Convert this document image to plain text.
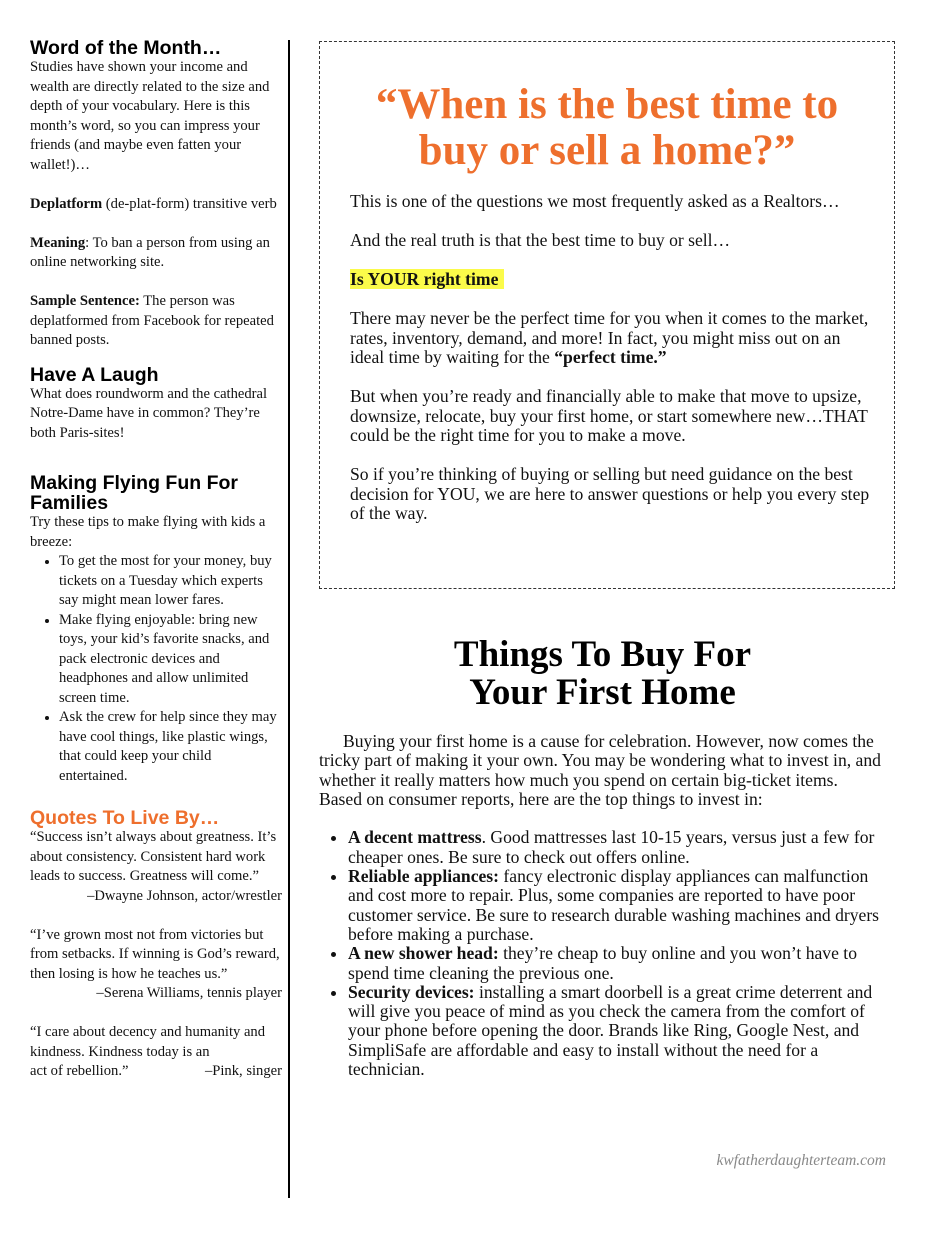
Word of the Month…

Studies have shown your income and wealth are directly related to the size and depth of your vocabulary. Here is this month’s word, so you can impress your friends (and maybe even fatten your wallet!)…

Deplatform (de-plat-form) transitive verb

Meaning: To ban a person from using an online networking site.

Sample Sentence: The person was deplatformed from Facebook for repeated banned posts.

Have A Laugh

What does roundworm and the cathedral Notre-Dame have in common? They’re both Paris-sites!

Making Flying Fun For Families

Try these tips to make flying with kids a breeze:

• To get the most for your money, buy tickets on a Tuesday which experts say might mean lower fares.
• Make flying enjoyable: bring new toys, your kid’s favorite snacks, and pack electronic devices and headphones and allow unlimited screen time.
• Ask the crew for help since they may have cool things, like plastic wings, that could keep your child entertained.
Quotes To Live By…

“Success isn’t always about greatness. It’s about consistency. Consistent hard work leads to success. Greatness will come.”

–Dwayne Johnson, actor/wrestler

“I’ve grown most not from victories but from setbacks. If winning is God’s reward, then losing is how he teaches us.”

–Serena Williams, tennis player

“I care about decency and humanity and kindness. Kindness today is an

act of rebellion.”	–Pink, singer

“When is the best time to
buy or sell a home?”

This is one of the questions we most frequently asked as a Realtors…

And the real truth is that the best time to buy or sell…

Is YOUR right time

There may never be the perfect time for you when it comes to the market, rates, inventory, demand, and more! In fact, you might miss out on an ideal time by waiting for the “perfect time.”

But when you’re ready and financially able to make that move to upsize, downsize, relocate, buy your first home, or start somewhere new…THAT could be the right time for you to make a move.

So if you’re thinking of buying or selling but need guidance on the best decision for YOU, we are here to answer questions or help you every step of the way.

Things To Buy For
Your First Home

Buying your first home is a cause for celebration. However, now comes the tricky part of making it your own. You may be wondering what to invest in, and whether it really matters how much you spend on certain big-ticket items. Based on consumer reports, here are the top things to invest in:

• A decent mattress. Good mattresses last 10-15 years, versus just a few for cheaper ones. Be sure to check out offers online.
• Reliable appliances: fancy electronic display appliances can malfunction and cost more to repair. Plus, some companies are reported to have poor customer service. Be sure to research durable washing machines and dryers before making a purchase.
• A new shower head: they’re cheap to buy online and you won’t have to spend time cleaning the previous one.
• Security devices: installing a smart doorbell is a great crime deterrent and will give you peace of mind as you check the camera from the comfort of your phone before opening the door. Brands like Ring, Google Nest, and SimpliSafe are affordable and easy to install without the need for a technician.
kwfatherdaughterteam.com
